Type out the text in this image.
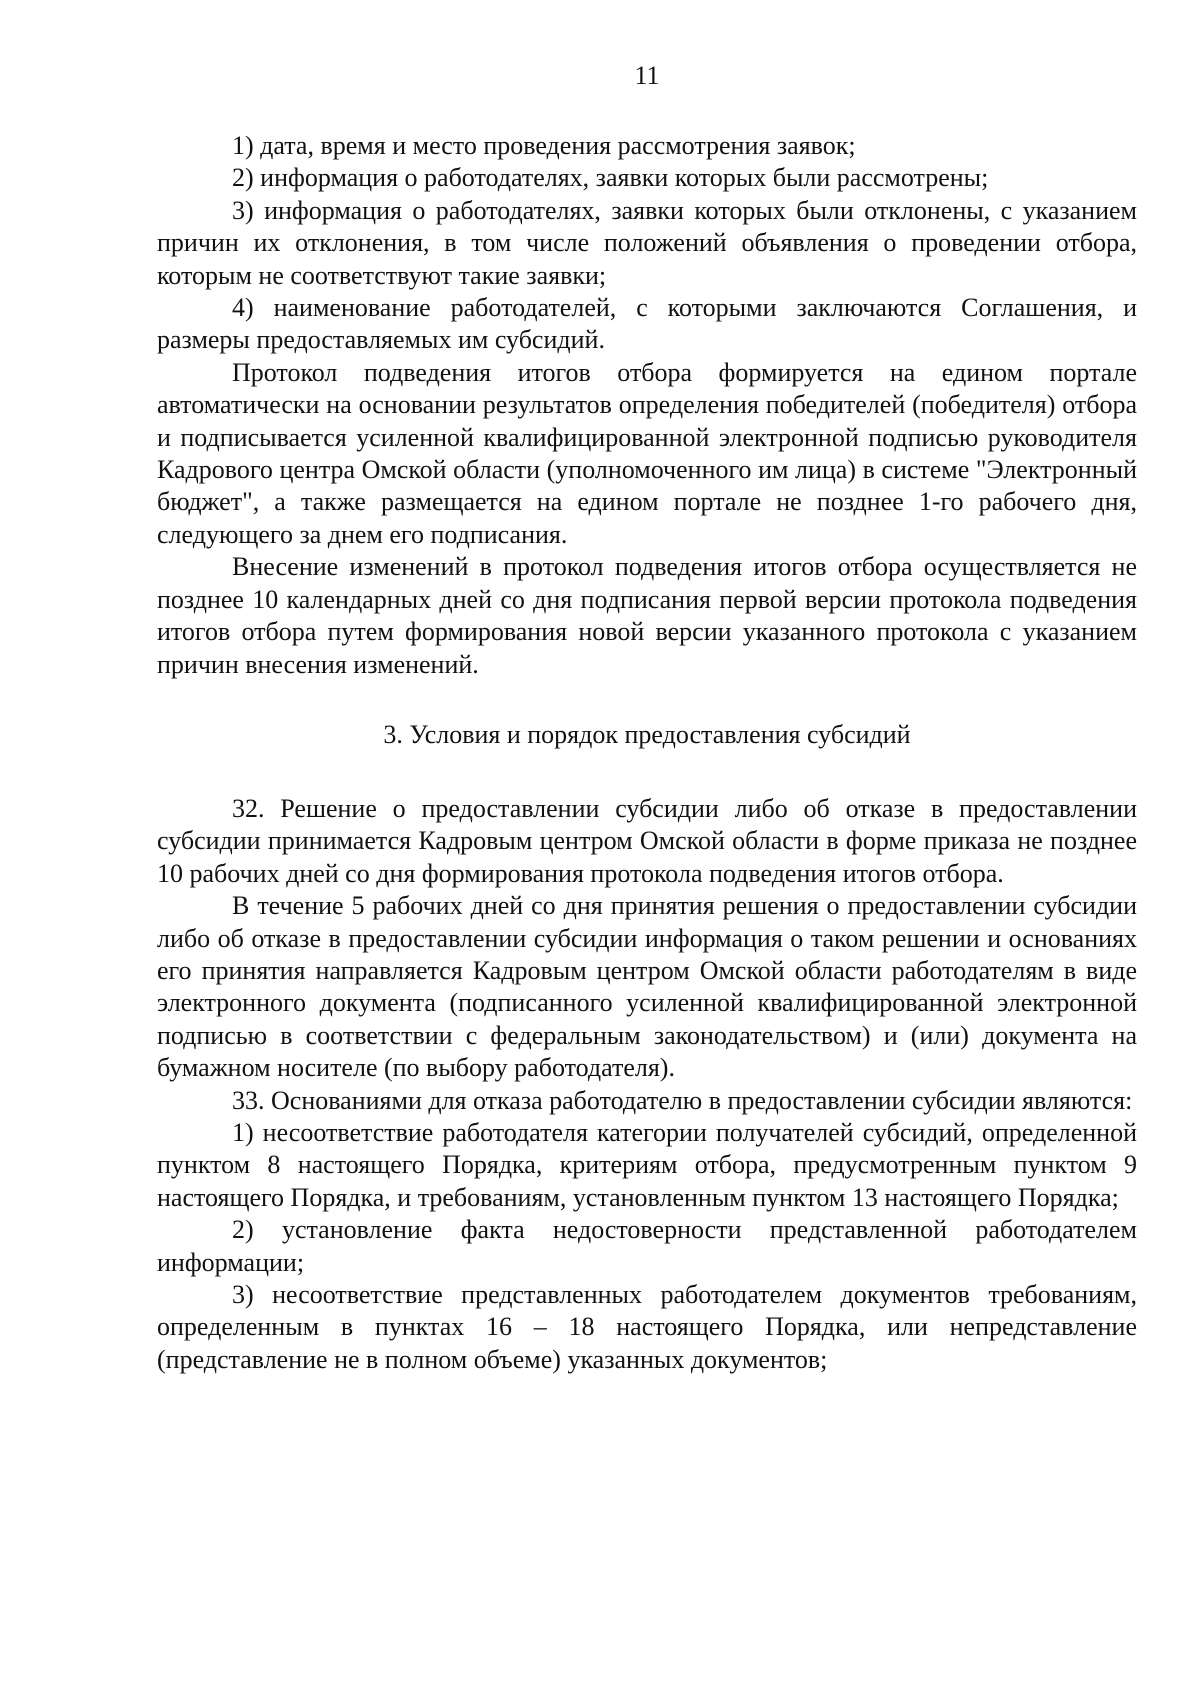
11

1) дата, время и место проведения рассмотрения заявок;

2) информация о работодателях, заявки которых были рассмотрены;

3) информация о работодателях, заявки которых были отклонены, с указанием причин их отклонения, в том числе положений объявления о проведении отбора, которым не соответствуют такие заявки;

4) наименование работодателей, с которыми заключаются Соглашения, и размеры предоставляемых им субсидий.

Протокол подведения итогов отбора формируется на едином портале автоматически на основании результатов определения победителей (победителя) отбора и подписывается усиленной квалифицированной электронной подписью руководителя Кадрового центра Омской области (уполномоченного им лица) в системе "Электронный бюджет", а также размещается на едином портале не позднее 1-го рабочего дня, следующего за днем его подписания.

Внесение изменений в протокол подведения итогов отбора осуществляется не позднее 10 календарных дней со дня подписания первой версии протокола подведения итогов отбора путем формирования новой версии указанного протокола с указанием причин внесения изменений.

3. Условия и порядок предоставления субсидий

32. Решение о предоставлении субсидии либо об отказе в предоставлении субсидии принимается Кадровым центром Омской области в форме приказа не позднее 10 рабочих дней со дня формирования протокола подведения итогов отбора.

В течение 5 рабочих дней со дня принятия решения о предоставлении субсидии либо об отказе в предоставлении субсидии информация о таком решении и основаниях его принятия направляется Кадровым центром Омской области работодателям в виде электронного документа (подписанного усиленной квалифицированной электронной подписью в соответствии с федеральным законодательством) и (или) документа на бумажном носителе (по выбору работодателя).

33. Основаниями для отказа работодателю в предоставлении субсидии являются:

1) несоответствие работодателя категории получателей субсидий, определенной пунктом 8 настоящего Порядка, критериям отбора, предусмотренным пунктом 9 настоящего Порядка, и требованиям, установленным пунктом 13 настоящего Порядка;

2) установление факта недостоверности представленной работодателем информации;

3) несоответствие представленных работодателем документов требованиям, определенным в пунктах 16 – 18 настоящего Порядка, или непредставление (представление не в полном объеме) указанных документов;
